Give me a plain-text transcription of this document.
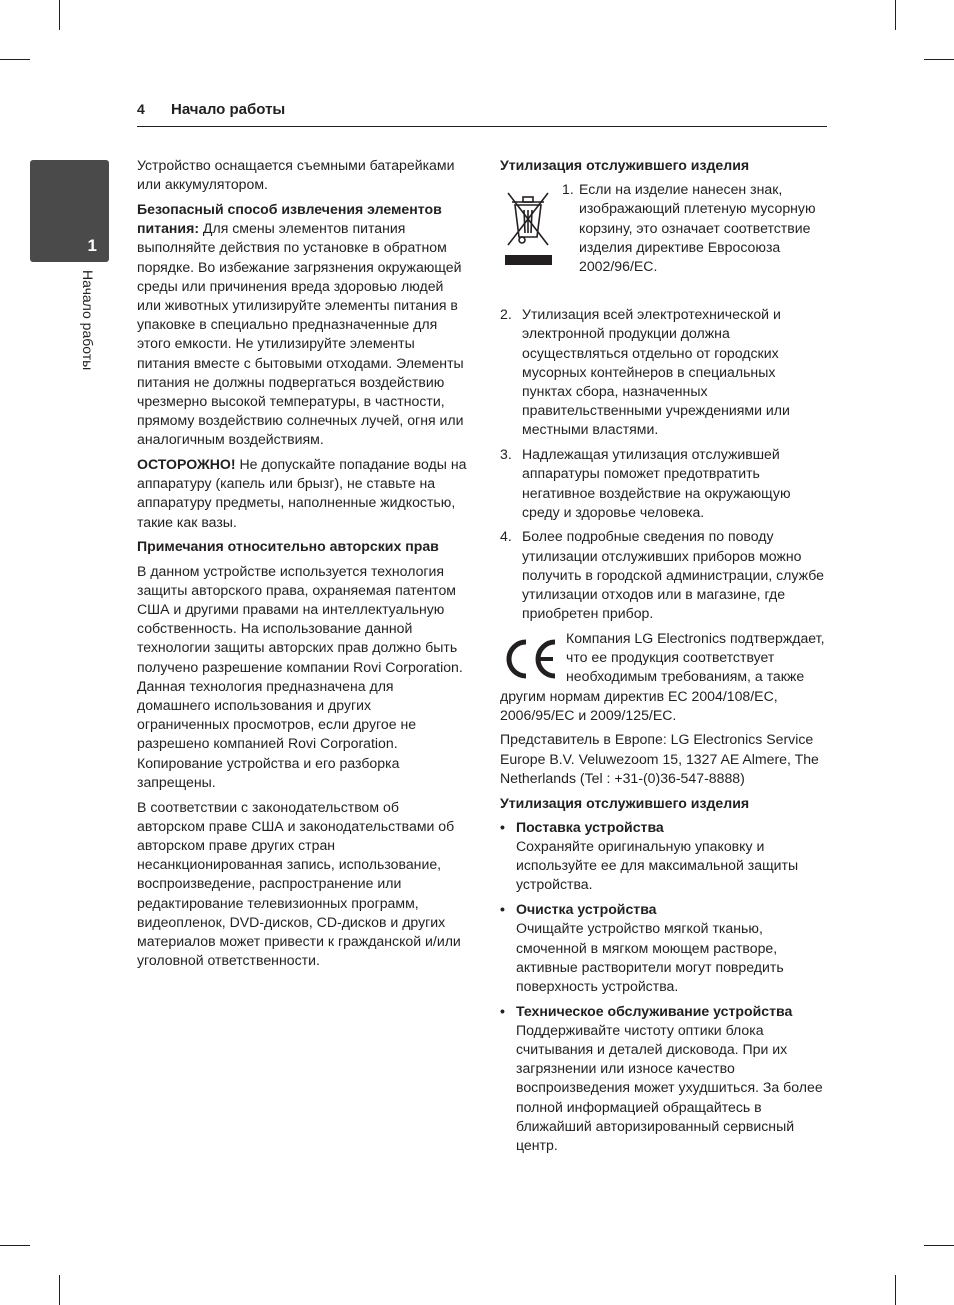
4 Начало работы
1
Начало работы

Устройство оснащается съемными батарейками или аккумулятором.

Безопасный способ извлечения элементов питания: Для смены элементов питания выполняйте действия по установке в обратном порядке. Во избежание загрязнения окружающей среды или причинения вреда здоровью людей или животных утилизируйте элементы питания в упаковке в специально предназначенные для этого емкости. Не утилизируйте элементы питания вместе с бытовыми отходами. Элементы питания не должны подвергаться воздействию чрезмерно высокой температуры, в частности, прямому воздействию солнечных лучей, огня или аналогичным воздействиям.

ОСТОРОЖНО! Не допускайте попадание воды на аппаратуру (капель или брызг), не ставьте на аппаратуру предметы, наполненные жидкостью, такие как вазы.

Примечания относительно авторских прав

В данном устройстве используется технология защиты авторского права, охраняемая патентом США и другими правами на интеллектуальную собственность. На использование данной технологии защиты авторских прав должно быть получено разрешение компании Rovi Corporation. Данная технология предназначена для домашнего использования и других ограниченных просмотров, если другое не разрешено компанией Rovi Corporation. Копирование устройства и его разборка запрещены.

В соответствии с законодательством об авторском праве США и законодательствами об авторском праве других стран несанкционированная запись, использование, воспроизведение, распространение или редактирование телевизионных программ, видеопленок, DVD-дисков, CD-дисков и других материалов может привести к гражданской и/или уголовной ответственности.

Утилизация отслужившего изделия
1. Если на изделие нанесен знак, изображающий плетеную мусорную корзину, это означает соответствие изделия директиве Евросоюза 2002/96/EC.
2. Утилизация всей электротехнической и электронной продукции должна осуществляться отдельно от городских мусорных контейнеров в специальных пунктах сбора, назначенных правительственными учреждениями или местными властями.
3. Надлежащая утилизация отслужившей аппаратуры поможет предотвратить негативное воздействие на окружающую среду и здоровье человека.
4. Более подробные сведения по поводу утилизации отслуживших приборов можно получить в городской администрации, службе утилизации отходов или в магазине, где приобретен прибор.
Компания LG Electronics подтверждает, что ее продукция соответствует необходимым требованиям, а также другим нормам директив EC 2004/108/EC, 2006/95/EC и 2009/125/EC.

Представитель в Европе: LG Electronics Service Europe B.V. Veluwezoom 15, 1327 AE Almere, The Netherlands (Tel : +31-(0)36-547-8888)

Утилизация отслужившего изделия
• Поставка устройства
Сохраняйте оригинальную упаковку и используйте ее для максимальной защиты устройства.
• Очистка устройства
Очищайте устройство мягкой тканью, смоченной в мягком моющем растворе, активные растворители могут повредить поверхность устройства.
• Техническое обслуживание устройства
Поддерживайте чистоту оптики блока считывания и деталей дисковода. При их загрязнении или износе качество воспроизведения может ухудшиться. За более полной информацией обращайтесь в ближайший авторизированный сервисный центр.
